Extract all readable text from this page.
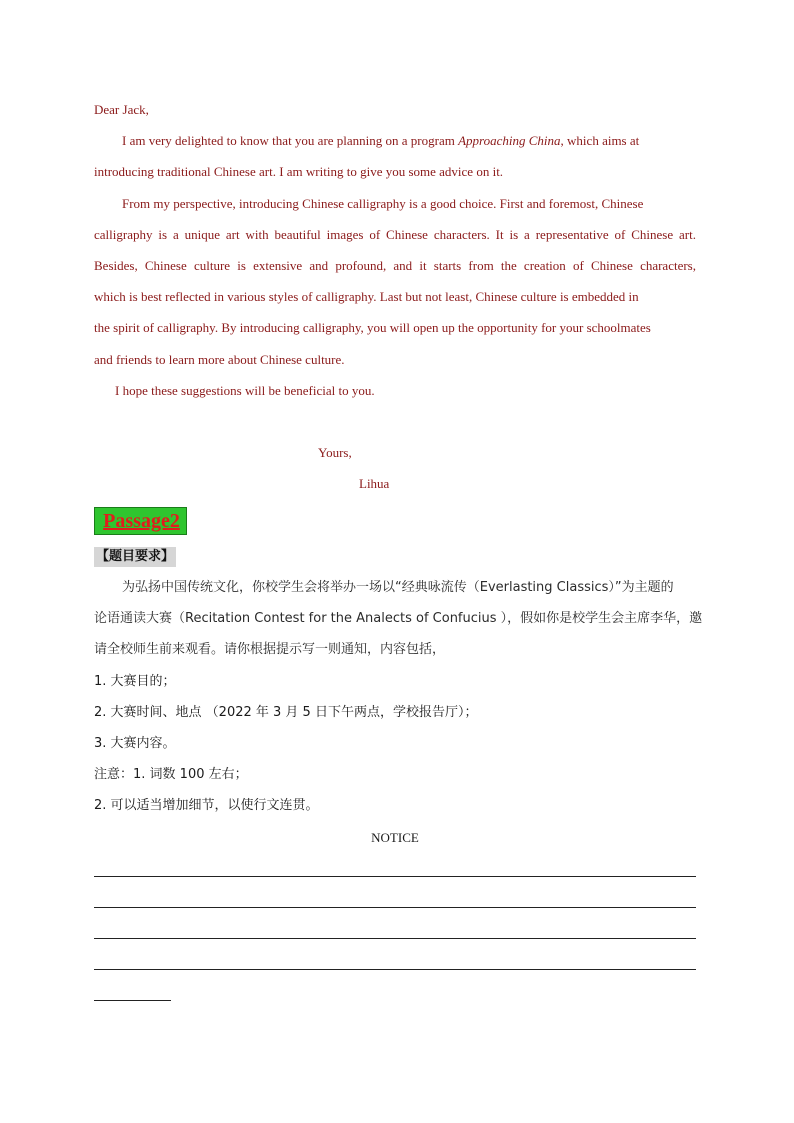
Dear Jack,
I am very delighted to know that you are planning on a program Approaching China, which aims at
introducing traditional Chinese art. I am writing to give you some advice on it.
From my perspective, introducing Chinese calligraphy is a good choice. First and foremost, Chinese
calligraphy is a unique art with beautiful images of Chinese characters. It is a representative of Chinese art.
Besides, Chinese culture is extensive and profound, and it starts from the creation of Chinese characters,
which is best reflected in various styles of calligraphy. Last but not least, Chinese culture is embedded in
the spirit of calligraphy. By introducing calligraphy, you will open up the opportunity for your schoolmates
and friends to learn more about Chinese culture.
I hope these suggestions will be beneficial to you.
Yours,
Lihua
Passage2
【题目要求】
为弘扬中国传统文化，你校学生会将举办一场以“经典咏流传（Everlasting Classics）”为主题的
论语通读大赛（Recitation Contest for the Analects of Confucius ），假如你是校学生会主席李华，邀
请全校师生前来观看。请你根据提示写一则通知，内容包括，
1. 大赛目的；
2. 大赛时间、地点 （2022 年 3 月 5 日下午两点，学校报告厅）；
3. 大赛内容。
注意：1. 词数 100 左右；
2. 可以适当增加细节，以使行文连贯。
NOTICE
